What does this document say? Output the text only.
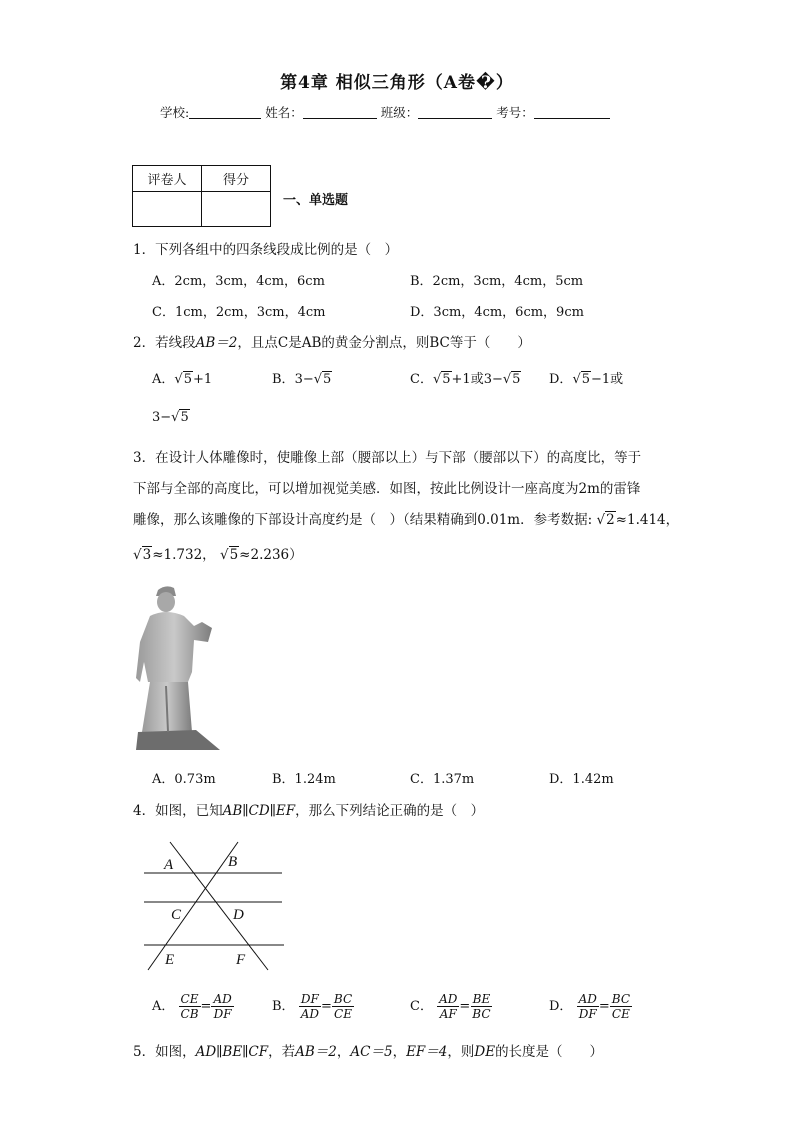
第4章 相似三角形（A卷�）
学校:	姓名：	班级：	考号：
评卷人	得分

一、单选题
1．下列各组中的四条线段成比例的是（　）
A．2cm，3cm，4cm，6cm	B．2cm，3cm，4cm，5cm
C．1cm，2cm，3cm，4cm	D．3cm，4cm，6cm，9cm
2．若线段AB＝2，且点C是AB的黄金分割点，则BC等于（　　）
A．√5+1	B．3−√5	C．√5+1或3−√5 D．√5−1或
3−√5
3．在设计人体雕像时，使雕像上部（腰部以上）与下部（腰部以下）的高度比，等于
下部与全部的高度比，可以增加视觉美感．如图，按此比例设计一座高度为2m的雷锋
雕像，那么该雕像的下部设计高度约是（　）（结果精确到0.01m．参考数据: √2≈1.414，
√3≈1.732， √5≈2.236）
A．0.73m	B．1.24m	C．1.37m	D．1.42m
4．如图，已知AB∥CD∥EF，那么下列结论正确的是（　）
A	B
C	D
E	F
A． $\frac{CE}{CB} = \frac{AD}{DF}$	B． $\frac{DF}{AD} = \frac{BC}{CE}$	C． $\frac{AD}{AF} = \frac{BE}{BC}$	D． $\frac{AD}{DF} = \frac{BC}{CE}$
5．如图，AD∥BE∥CF，若AB＝2，AC＝5，EF＝4，则DE的长度是（　　）
